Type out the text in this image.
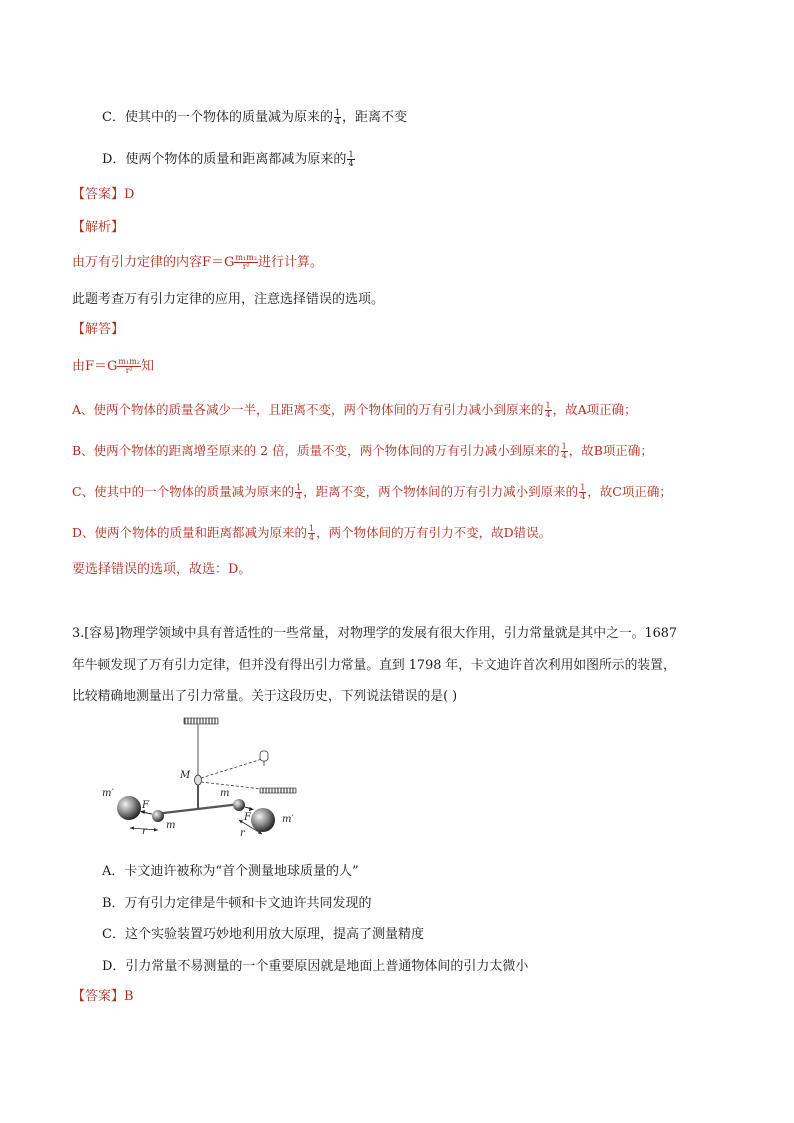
C．使其中的一个物体的质量减为原来的 $\frac{1}{4}$ ，距离不变
D．使两个物体的质量和距离都减为原来的 $\frac{1}{4}$
【答案】D
【解析】
由万有引力定律的内容$F=G \frac{\text{m₁m₂}}{\text{r²}}$ 进行计算。
此题考查万有引力定律的应用，注意选择错误的选项。
【解答】
由$F=G \frac{\text{m₁m₂}}{\text{r²}}$ 知
A、使两个物体的质量各减少一半，且距离不变，两个物体间的万有引力减小到原来的 $\frac{1}{4}$ ，故A项正确；
B、使两个物体的距离增至原来的 2 倍，质量不变，两个物体间的万有引力减小到原来的 $\frac{1}{4}$ ，故B项正确；
C、使其中的一个物体的质量减为原来的 $\frac{1}{4}$ ，距离不变，两个物体间的万有引力减小到原来的 $\frac{1}{4}$ ，故C项正确；
D、使两个物体的质量和距离都减为原来的 $\frac{1}{4}$ ，两个物体间的万有引力不变，故D错误。
要选择错误的选项，故选：D。
3.[容易]物理学领域中具有普适性的一些常量，对物理学的发展有很大作用，引力常量就是其中之一。1687
年牛顿发现了万有引力定律，但并没有得出引力常量。直到 1798 年，卡文迪许首次利用如图所示的装置，
比较精确地测量出了引力常量。关于这段历史，下列说法错误的是( )
M
m′
m′
F
F
m
m
r	r
A．卡文迪许被称为“首个测量地球质量的人”
B．万有引力定律是牛顿和卡文迪许共同发现的
C．这个实验装置巧妙地利用放大原理，提高了测量精度
D．引力常量不易测量的一个重要原因就是地面上普通物体间的引力太微小
【答案】B
